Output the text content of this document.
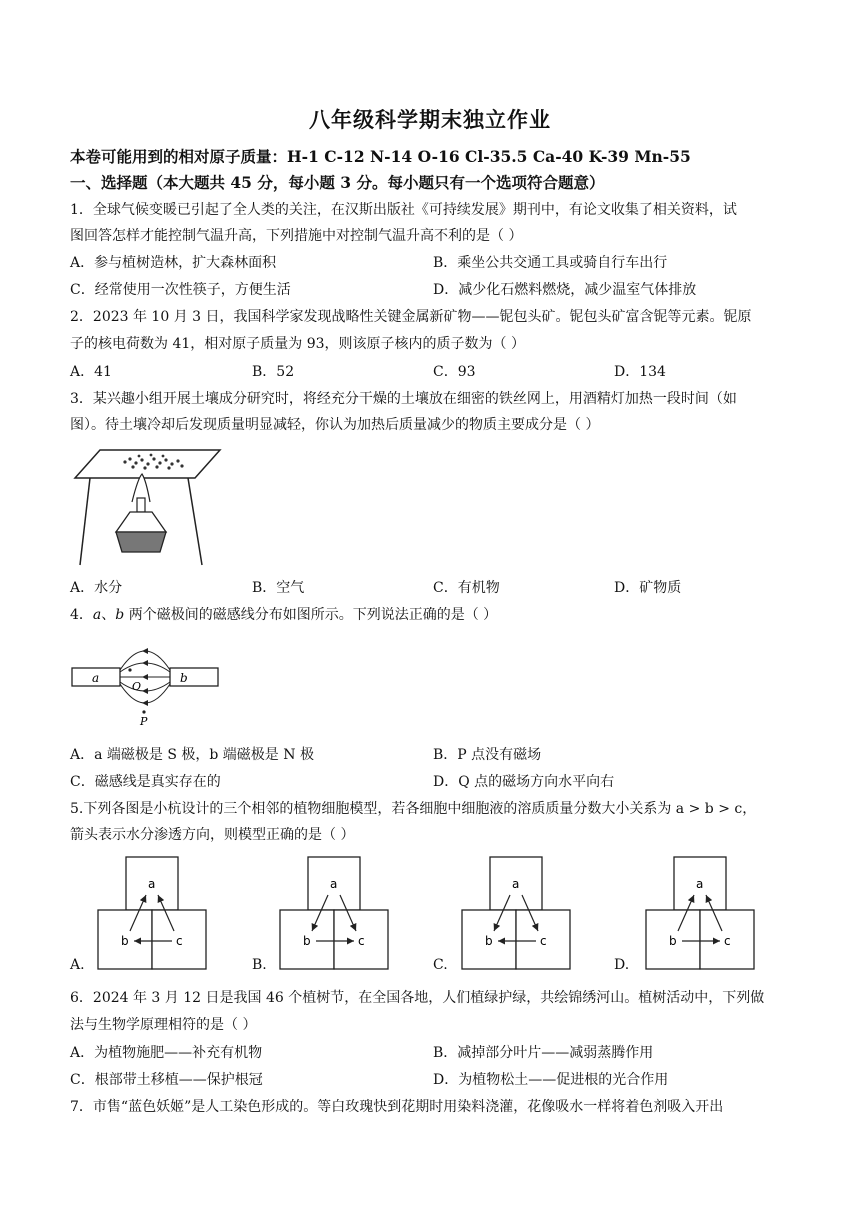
八年级科学期末独立作业
本卷可能用到的相对原子质量：H-1 C-12 N-14 O-16 Cl-35.5 Ca-40 K-39 Mn-55
一、选择题（本大题共 45 分，每小题 3 分。每小题只有一个选项符合题意）
1．全球气候变暖已引起了全人类的关注，在汉斯出版社《可持续发展》期刊中，有论文收集了相关资料，试
图回答怎样才能控制气温升高，下列措施中对控制气温升高不利的是（ ）
A．参与植树造林，扩大森林面积	B．乘坐公共交通工具或骑自行车出行
C．经常使用一次性筷子，方便生活	D．减少化石燃料燃烧，减少温室气体排放
2．2023 年 10 月 3 日，我国科学家发现战略性关键金属新矿物——铌包头矿。铌包头矿富含铌等元素。铌原
子的核电荷数为 41，相对原子质量为 93，则该原子核内的质子数为（ ）
A．41	B．52	C．93	D．134
3．某兴趣小组开展土壤成分研究时，将经充分干燥的土壤放在细密的铁丝网上，用酒精灯加热一段时间（如
图）。待土壤冷却后发现质量明显减轻，你认为加热后质量减少的物质主要成分是（ ）
A．水分	B．空气	C．有机物	D．矿物质
4．a、b 两个磁极间的磁感线分布如图所示。下列说法正确的是（ ）
a	b
O
P
A．a 端磁极是 S 极，b 端磁极是 N 极	B．P 点没有磁场
C．磁感线是真实存在的	D．Q 点的磁场方向水平向右
5.下列各图是小杭设计的三个相邻的植物细胞模型，若各细胞中细胞液的溶质质量分数大小关系为 a > b > c，
箭头表示水分渗透方向，则模型正确的是（ ）
A.	B.	C.	D.
a
b	c
a
b	c
a
b	c
a
b	c
6．2024 年 3 月 12 日是我国 46 个植树节，在全国各地，人们植绿护绿，共绘锦绣河山。植树活动中，下列做
法与生物学原理相符的是（ ）
A．为植物施肥——补充有机物	B．减掉部分叶片——减弱蒸腾作用
C．根部带土移植——保护根冠	D．为植物松土——促进根的光合作用
7．市售“蓝色妖姬”是人工染色形成的。等白玫瑰快到花期时用染料浇灌，花像吸水一样将着色剂吸入开出
